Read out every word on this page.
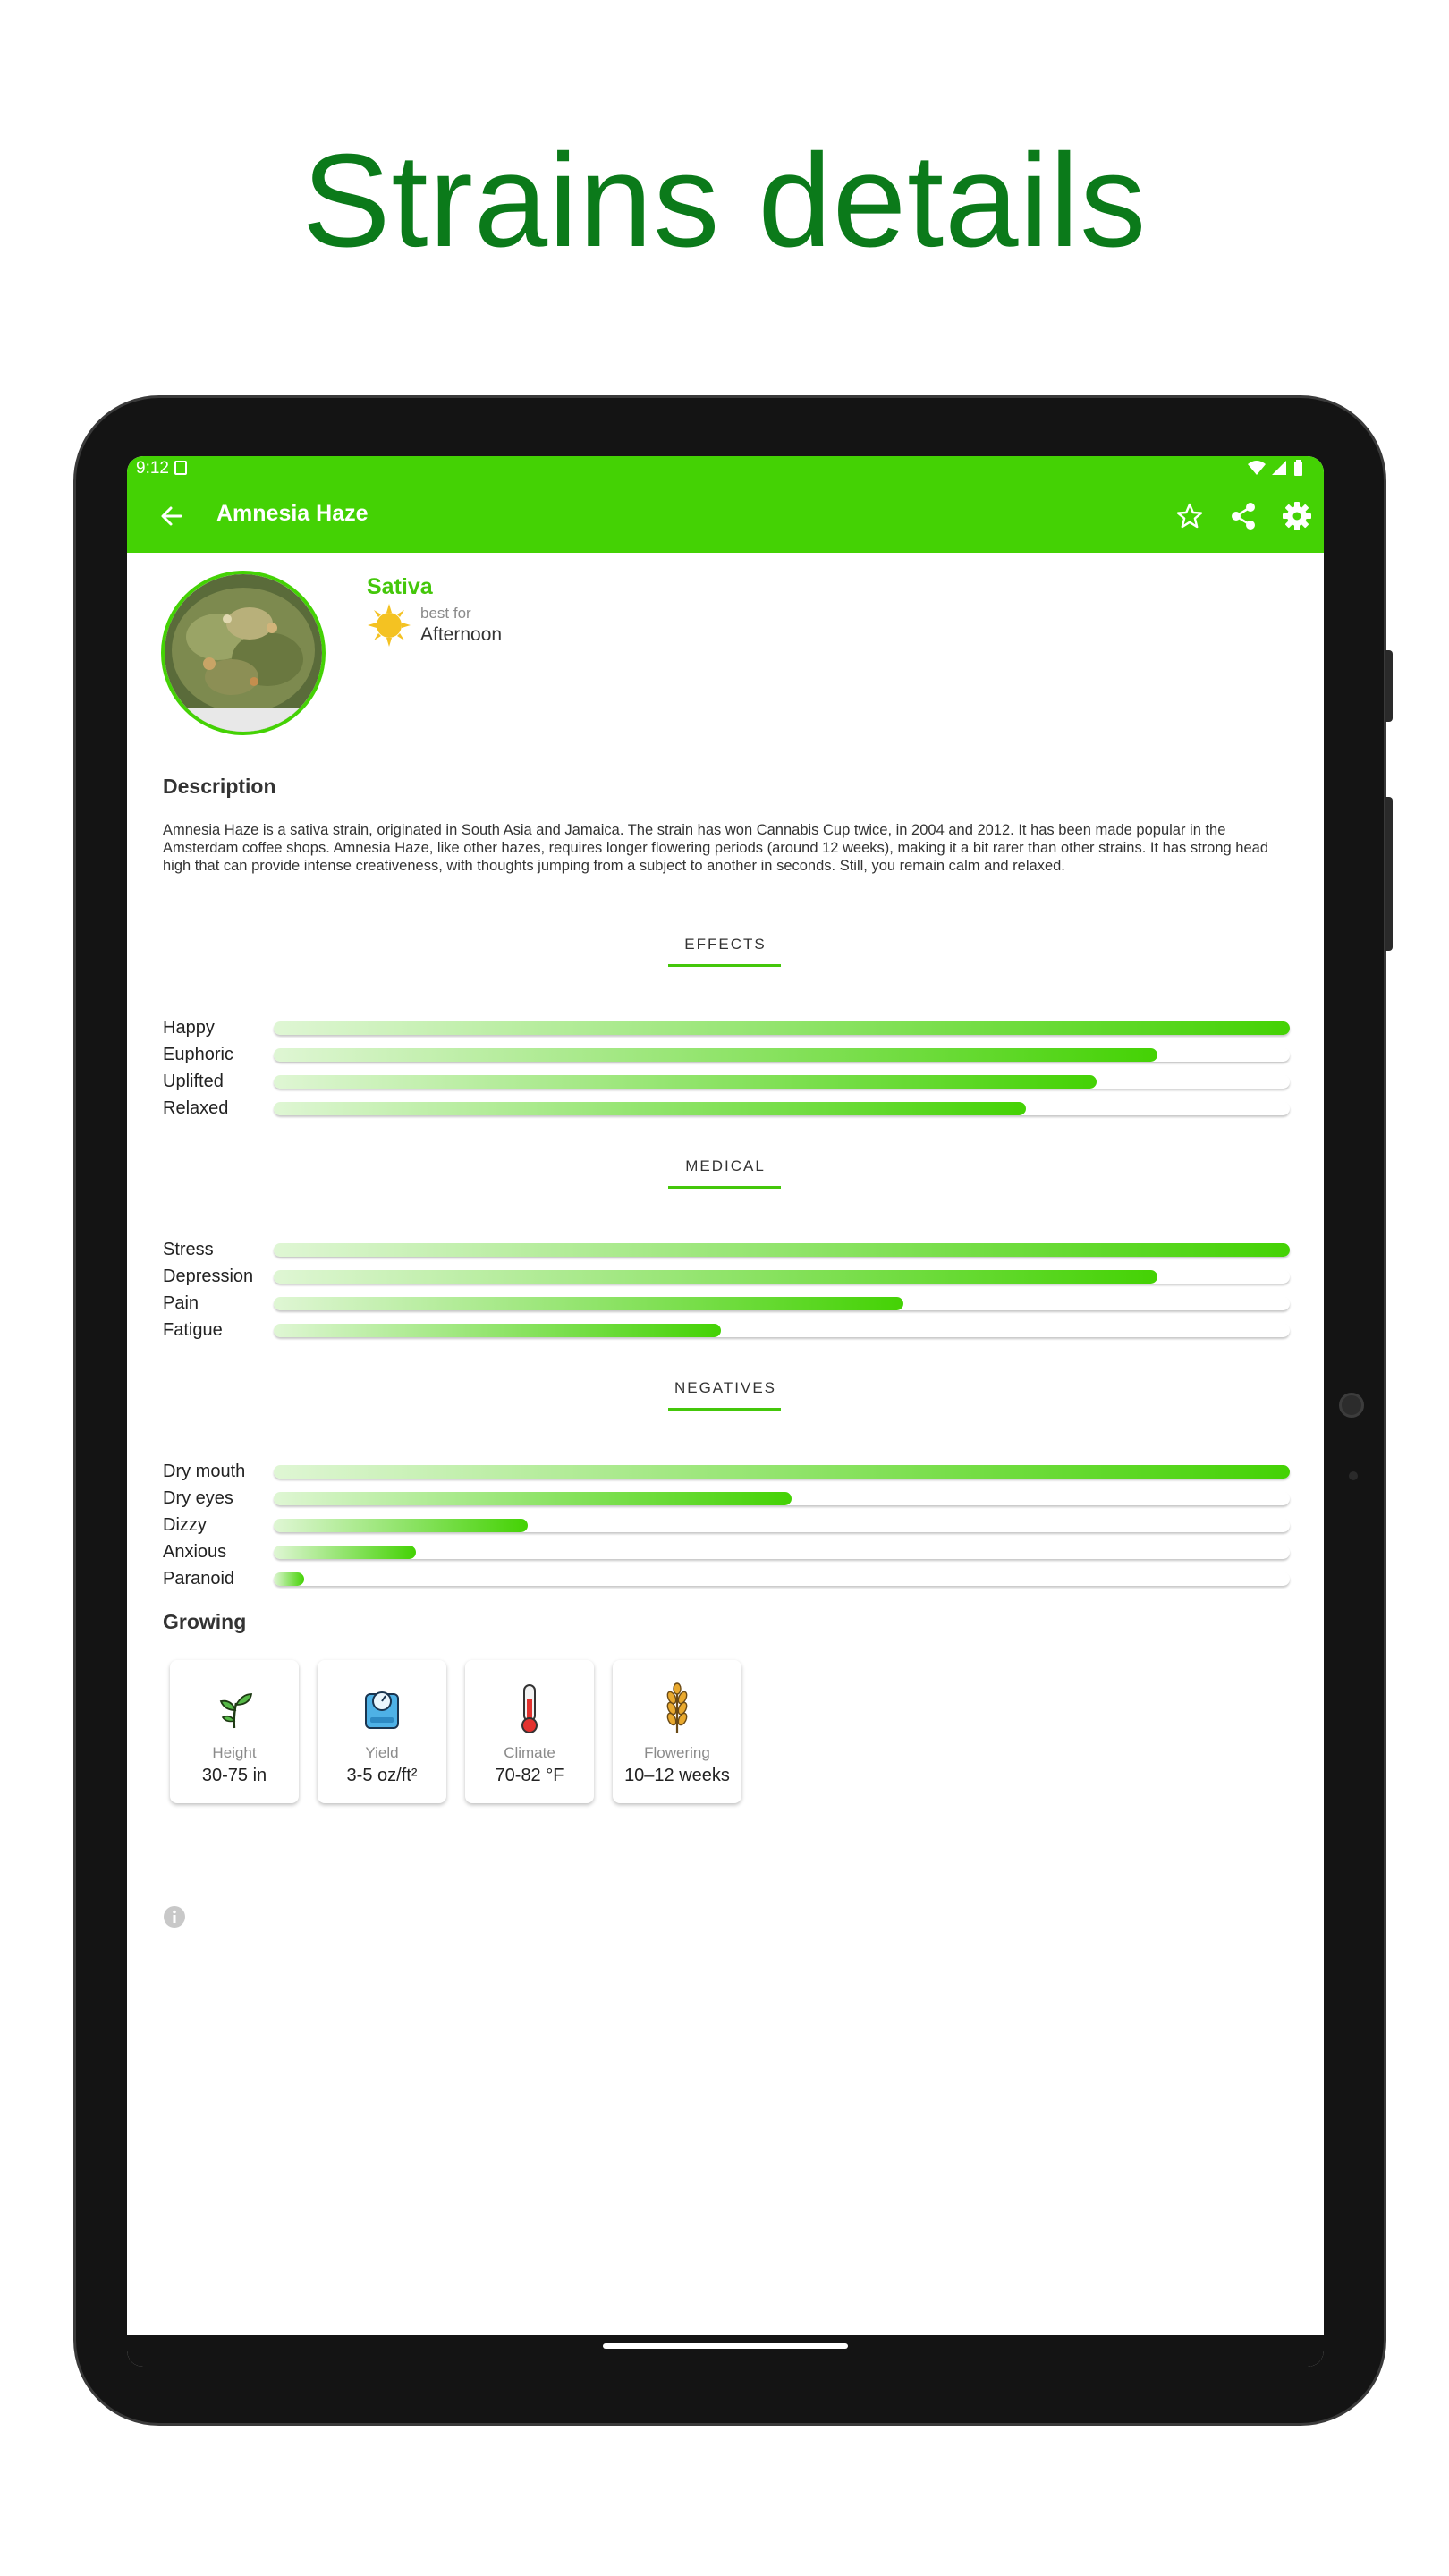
Strains details
9:12
Amnesia Haze
Sativa
best for
Afternoon
Description
Amnesia Haze is a sativa strain, originated in South Asia and Jamaica. The strain has won Cannabis Cup twice, in 2004 and 2012. It has been made popular in the Amsterdam coffee shops. Amnesia Haze, like other hazes, requires longer flowering periods (around 12 weeks), making it a bit rarer than other strains. It has strong head high that can provide intense creativeness, with thoughts jumping from a subject to another in seconds. Still, you remain calm and relaxed.
EFFECTS
Happy
Euphoric
Uplifted
Relaxed
MEDICAL
Stress
Depression
Pain
Fatigue
NEGATIVES
Dry mouth
Dry eyes
Dizzy
Anxious
Paranoid
Growing
Height
30-75 in
Yield
3-5 oz/ft²
Climate
70-82 °F
Flowering
10–12 weeks
